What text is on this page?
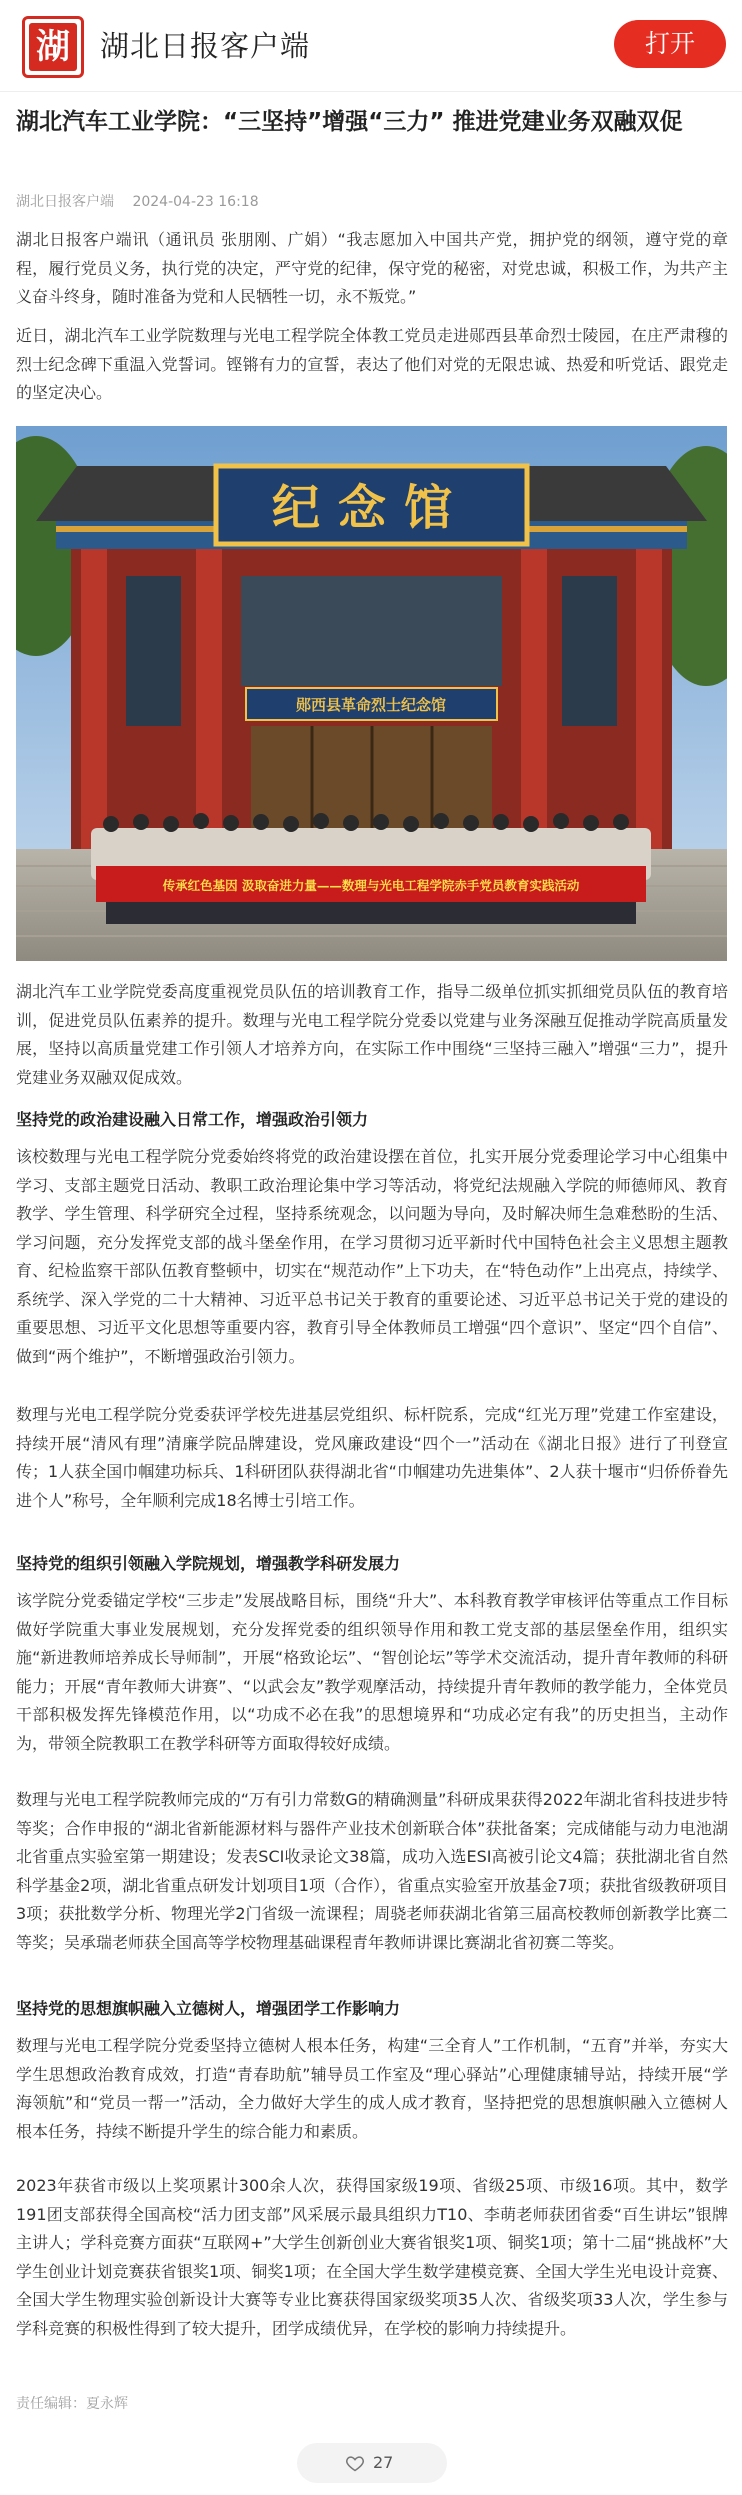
湖 湖北日报客户端	打开
湖北汽车工业学院：“三坚持”增强“三力” 推进党建业务双融双促
湖北日报客户端 2024-04-23 16:18

湖北日报客户端讯（通讯员 张朋刚、广娟）“我志愿加入中国共产党，拥护党的纲领，遵守党的章程，履行党员义务，执行党的决定，严守党的纪律，保守党的秘密，对党忠诚，积极工作，为共产主义奋斗终身，随时准备为党和人民牺牲一切，永不叛党。”

近日，湖北汽车工业学院数理与光电工程学院全体教工党员走进郧西县革命烈士陵园，在庄严肃穆的烈士纪念碑下重温入党誓词。铿锵有力的宣誓，表达了他们对党的无限忠诚、热爱和听党话、跟党走的坚定决心。

纪念馆
郧西县革命烈士纪念馆
传承红色基因 汲取奋进力量——数理与光电工程学院赤手党员教育实践活动

湖北汽车工业学院党委高度重视党员队伍的培训教育工作，指导二级单位抓实抓细党员队伍的教育培训，促进党员队伍素养的提升。数理与光电工程学院分党委以党建与业务深融互促推动学院高质量发展，坚持以高质量党建工作引领人才培养方向，在实际工作中围绕“三坚持三融入”增强“三力”，提升党建业务双融双促成效。

坚持党的政治建设融入日常工作，增强政治引领力

该校数理与光电工程学院分党委始终将党的政治建设摆在首位，扎实开展分党委理论学习中心组集中学习、支部主题党日活动、教职工政治理论集中学习等活动，将党纪法规融入学院的师德师风、教育教学、学生管理、科学研究全过程，坚持系统观念，以问题为导向，及时解决师生急难愁盼的生活、学习问题，充分发挥党支部的战斗堡垒作用，在学习贯彻习近平新时代中国特色社会主义思想主题教育、纪检监察干部队伍教育整顿中，切实在“规范动作”上下功夫，在“特色动作”上出亮点，持续学、系统学、深入学党的二十大精神、习近平总书记关于教育的重要论述、习近平总书记关于党的建设的重要思想、习近平文化思想等重要内容，教育引导全体教师员工增强“四个意识”、坚定“四个自信”、做到“两个维护”，不断增强政治引领力。

数理与光电工程学院分党委获评学校先进基层党组织、标杆院系，完成“红光万理”党建工作室建设，持续开展“清风有理”清廉学院品牌建设，党风廉政建设“四个一”活动在《湖北日报》进行了刊登宣传；1人获全国巾帼建功标兵、1科研团队获得湖北省“巾帼建功先进集体”、2人获十堰市“归侨侨眷先进个人”称号，全年顺利完成18名博士引培工作。

坚持党的组织引领融入学院规划，增强教学科研发展力

该学院分党委锚定学校“三步走”发展战略目标，围绕“升大”、本科教育教学审核评估等重点工作目标做好学院重大事业发展规划，充分发挥党委的组织领导作用和教工党支部的基层堡垒作用，组织实施“新进教师培养成长导师制”，开展“格致论坛”、“智创论坛”等学术交流活动，提升青年教师的科研能力；开展“青年教师大讲赛”、“以武会友”教学观摩活动，持续提升青年教师的教学能力，全体党员干部积极发挥先锋模范作用，以“功成不必在我”的思想境界和“功成必定有我”的历史担当，主动作为，带领全院教职工在教学科研等方面取得较好成绩。

数理与光电工程学院教师完成的“万有引力常数G的精确测量”科研成果获得2022年湖北省科技进步特等奖；合作申报的“湖北省新能源材料与器件产业技术创新联合体”获批备案；完成储能与动力电池湖北省重点实验室第一期建设；发表SCI收录论文38篇，成功入选ESI高被引论文4篇；获批湖北省自然科学基金2项，湖北省重点研发计划项目1项（合作），省重点实验室开放基金7项；获批省级教研项目3项；获批数学分析、物理光学2门省级一流课程；周骁老师获湖北省第三届高校教师创新教学比赛二等奖；吴承瑞老师获全国高等学校物理基础课程青年教师讲课比赛湖北省初赛二等奖。

坚持党的思想旗帜融入立德树人，增强团学工作影响力

数理与光电工程学院分党委坚持立德树人根本任务，构建“三全育人”工作机制，“五育”并举，夯实大学生思想政治教育成效，打造“青春助航”辅导员工作室及“理心驿站”心理健康辅导站，持续开展“学海领航”和“党员一帮一”活动，全力做好大学生的成人成才教育，坚持把党的思想旗帜融入立德树人根本任务，持续不断提升学生的综合能力和素质。

2023年获省市级以上奖项累计300余人次，获得国家级19项、省级25项、市级16项。其中，数学191团支部获得全国高校“活力团支部”风采展示最具组织力T10、李萌老师获团省委“百生讲坛”银牌主讲人；学科竞赛方面获“互联网+”大学生创新创业大赛省银奖1项、铜奖1项；第十二届“挑战杯”大学生创业计划竞赛获省银奖1项、铜奖1项；在全国大学生数学建模竞赛、全国大学生光电设计竞赛、全国大学生物理实验创新设计大赛等专业比赛获得国家级奖项35人次、省级奖项33人次，学生参与学科竞赛的积极性得到了较大提升，团学成绩优异，在学校的影响力持续提升。

责任编辑：夏永辉
27
